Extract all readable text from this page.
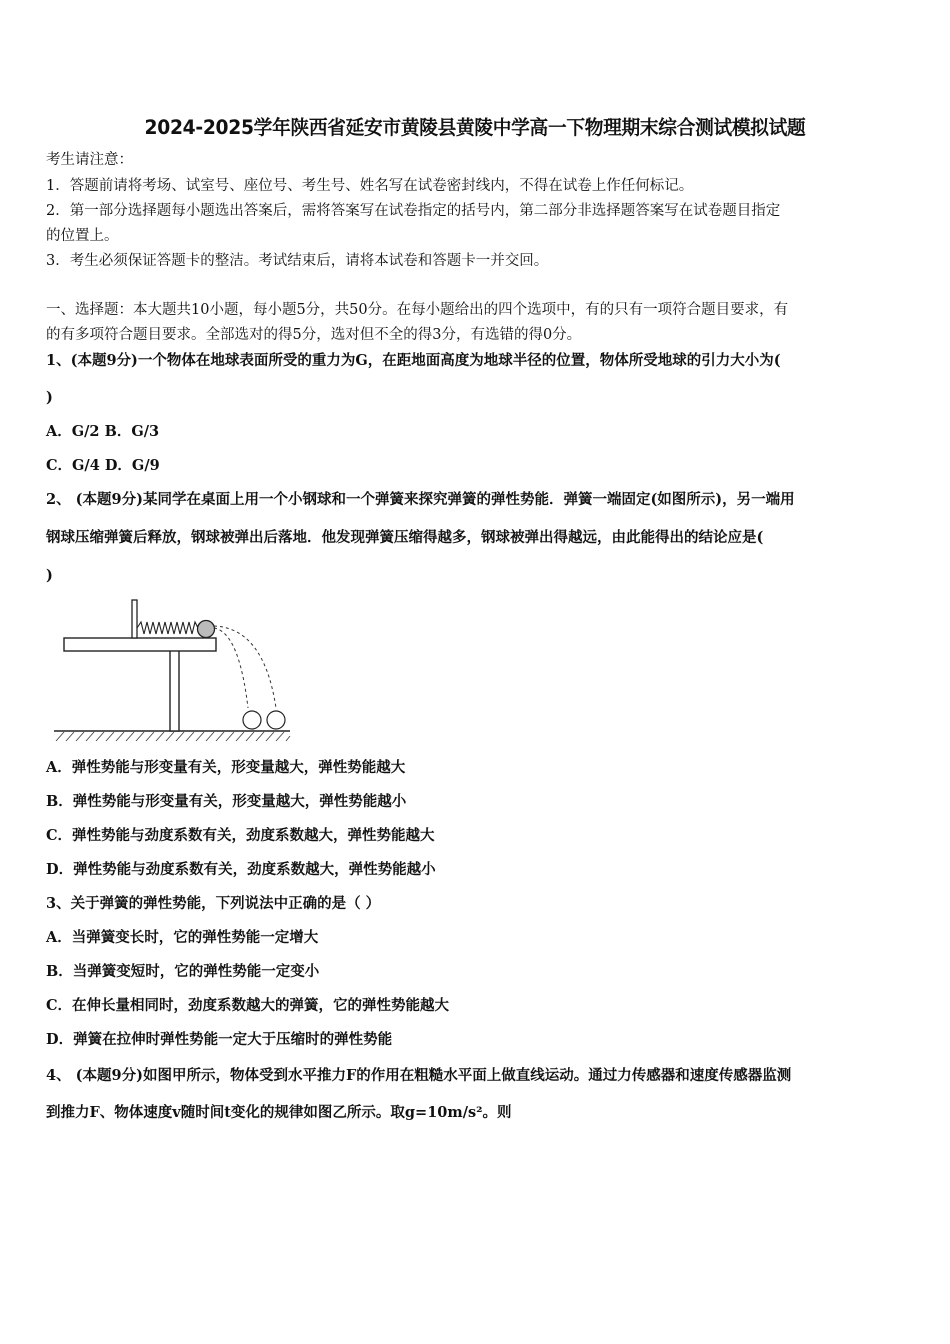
2024-2025学年陕西省延安市黄陵县黄陵中学高一下物理期末综合测试模拟试题
考生请注意：
1．答题前请将考场、试室号、座位号、考生号、姓名写在试卷密封线内，不得在试卷上作任何标记。
2．第一部分选择题每小题选出答案后，需将答案写在试卷指定的括号内，第二部分非选择题答案写在试卷题目指定
的位置上。
3．考生必须保证答题卡的整洁。考试结束后，请将本试卷和答题卡一并交回。
一、选择题：本大题共10小题，每小题5分，共50分。在每小题给出的四个选项中，有的只有一项符合题目要求，有
的有多项符合题目要求。全部选对的得5分，选对但不全的得3分，有选错的得0分。
1、(本题9分)一个物体在地球表面所受的重力为G，在距地面高度为地球半径的位置，物体所受地球的引力大小为(
)
A．G/2 B．G/3
C．G/4 D．G/9
2、 (本题9分)某同学在桌面上用一个小钢球和一个弹簧来探究弹簧的弹性势能．弹簧一端固定(如图所示)，另一端用
钢球压缩弹簧后释放，钢球被弹出后落地．他发现弹簧压缩得越多，钢球被弹出得越远，由此能得出的结论应是(
)
A．弹性势能与形变量有关，形变量越大，弹性势能越大
B．弹性势能与形变量有关，形变量越大，弹性势能越小
C．弹性势能与劲度系数有关，劲度系数越大，弹性势能越大
D．弹性势能与劲度系数有关，劲度系数越大，弹性势能越小
3、关于弹簧的弹性势能，下列说法中正确的是（ ）
A．当弹簧变长时，它的弹性势能一定增大
B．当弹簧变短时，它的弹性势能一定变小
C．在伸长量相同时，劲度系数越大的弹簧，它的弹性势能越大
D．弹簧在拉伸时弹性势能一定大于压缩时的弹性势能
4、 (本题9分)如图甲所示，物体受到水平推力F的作用在粗糙水平面上做直线运动。通过力传感器和速度传感器监测
到推力F、物体速度v随时间t变化的规律如图乙所示。取g=10m/s²。则
